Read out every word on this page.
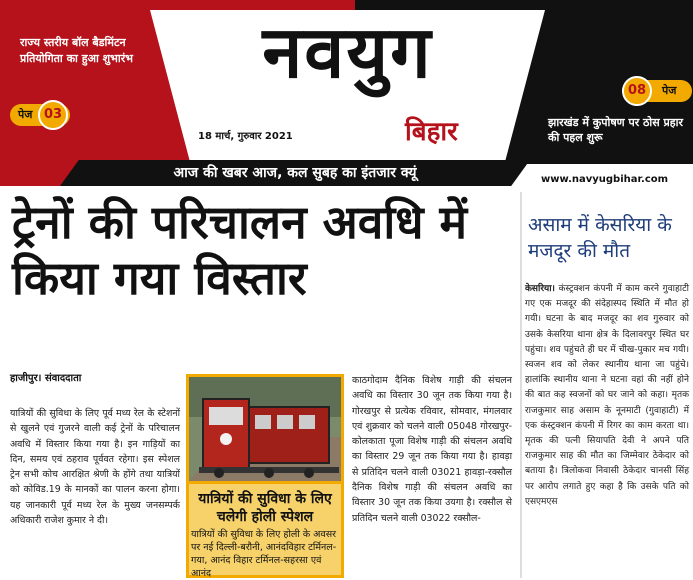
नवयुग
बिहार
18 मार्च, गुरुवार 2021
राज्य स्तरीय बॉल बैडमिंटन प्रतियोगिता का हुआ शुभारंभ
पेज 03
पेज
08
झारखंड में कुपोषण पर ठोस प्रहार की पहल शुरू
आज की खबर आज, कल सुबह का इंतजार क्यूं	www.navyugbihar.com
ट्रेनों की परिचालन अवधि में किया गया विस्तार
हाजीपुर। संवाददाता
यात्रियों की सुविधा के लिए पूर्व मध्य रेल के स्टेशनों से खुलने एवं गुजरने वाली कई ट्रेनों के परिचालन अवधि में विस्तार किया गया है। इन गाड़ियों का दिन, समय एवं ठहराव पूर्ववत रहेगा। इस स्पेशल ट्रेन सभी कोच आरक्षित श्रेणी के होंगे तथा यात्रियों को कोविड.19 के मानकों का पालन करना होगा। यह जानकारी पूर्व मध्य रेल के मुख्य जनसम्पर्क अधिकारी राजेश कुमार ने दी।
यात्रियों की सुविधा के लिए चलेगी होली स्पेशल
यात्रियों की सुविधा के लिए होली के अवसर पर नई दिल्ली-बरौनी, आनंदविहार टर्मिनल-गया, आनंद विहार टर्मिनल-सहरसा एवं आनंद
काठगोदाम दैनिक विशेष गाड़ी की संचलन अवधि का विस्तार 30 जून तक किया गया है। गोरखपुर से प्रत्येक रविवार, सोमवार, मंगलवार एवं शुक्रवार को चलने वाली 05048 गोरखपुर-कोलकाता पूजा विशेष गाड़ी की संचलन अवधि का विस्तार 29 जून तक किया गया है। हावड़ा से प्रतिदिन चलने वाली 03021 हावड़ा-रक्सौल दैनिक विशेष गाड़ी की संचलन अवधि का विस्तार 30 जून तक किया उयगा है। रक्सौल से प्रतिदिन चलने वाली 03022 रक्सौल-
असाम में केसरिया के मजदूर की मौत
केसरिया। कंस्ट्रक्शन कंपनी में काम करने गुवाहाटी गए एक मजदूर की संदेहास्पद स्थिति में मौत हो गयी। घटना के बाद मजदूर का शव गुरुवार को उसके केसरिया थाना क्षेत्र के दिलावरपुर स्थित घर पहुंचा। शव पहुंचते ही घर में चीख-पुकार मच गयी। स्वजन शव को लेकर स्थानीय थाना जा पहुंचे। हालांकि स्थानीय थाना ने घटना वहां की नहीं होने की बात कह स्वजनों को घर जाने को कहा। मृतक राजकुमार साह असाम के नूनमाटी (गुवाहाटी) में एक कंस्ट्रक्शन कंपनी में रिगर का काम करता था। मृतक की पत्नी सियापति देवी ने अपने पति राजकुमार साह की मौत का जिम्मेवार ठेकेदार को बताया है। त्रिलोकवा निवासी ठेकेदार चानसी सिंह पर आरोप लगाते हुए कहा है कि उसके पति को एसएमएस
